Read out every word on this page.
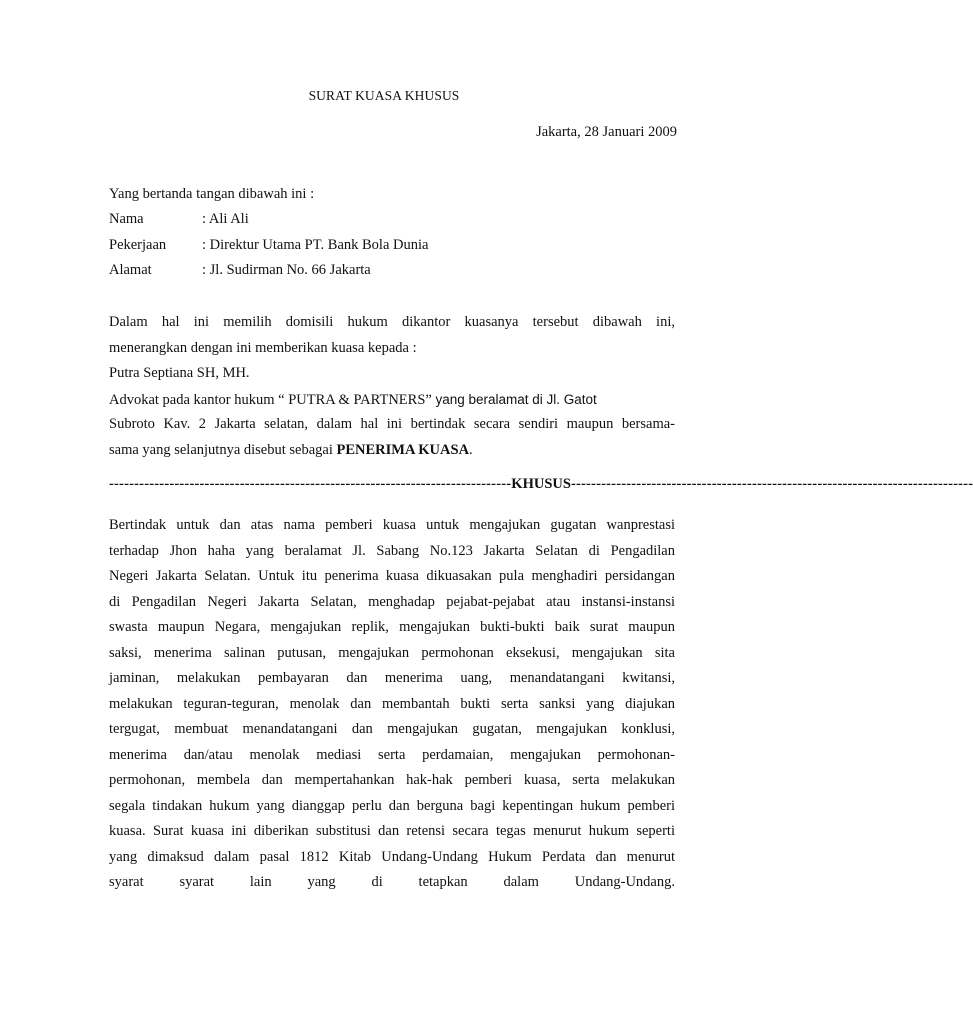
SURAT KUASA KHUSUS
Jakarta, 28 Januari 2009
Yang bertanda tangan dibawah ini :
Nama	: Ali Ali
Pekerjaan : Direktur Utama PT. Bank Bola Dunia
Alamat	: Jl. Sudirman No. 66 Jakarta
Dalam hal ini memilih domisili hukum dikantor kuasanya tersebut dibawah ini,
menerangkan dengan ini memberikan kuasa kepada :
Putra Septiana SH, MH.
Advokat pada kantor hukum “ PUTRA & PARTNERS” yang beralamat di Jl. Gatot
Subroto Kav. 2 Jakarta selatan, dalam hal ini bertindak secara sendiri maupun bersama-
sama yang selanjutnya disebut sebagai PENERIMA KUASA.
-------------------------------------------------------------------------------- KHUSUS --------------------------------------------------------------------------------
Bertindak untuk dan atas nama pemberi kuasa untuk mengajukan gugatan wanprestasi
terhadap Jhon haha yang beralamat Jl. Sabang No.123 Jakarta Selatan di Pengadilan
Negeri Jakarta Selatan. Untuk itu penerima kuasa dikuasakan pula menghadiri persidangan
di Pengadilan Negeri Jakarta Selatan, menghadap pejabat-pejabat atau instansi-instansi
swasta maupun Negara, mengajukan replik, mengajukan bukti-bukti baik surat maupun
saksi, menerima salinan putusan, mengajukan permohonan eksekusi, mengajukan sita
jaminan, melakukan pembayaran dan menerima uang, menandatangani kwitansi,
melakukan teguran-teguran, menolak dan membantah bukti serta sanksi yang diajukan
tergugat, membuat menandatangani dan mengajukan gugatan, mengajukan konklusi,
menerima dan/atau menolak mediasi serta perdamaian, mengajukan permohonan-
permohonan, membela dan mempertahankan hak-hak pemberi kuasa, serta melakukan
segala tindakan hukum yang dianggap perlu dan berguna bagi kepentingan hukum pemberi
kuasa. Surat kuasa ini diberikan substitusi dan retensi secara tegas menurut hukum seperti
yang dimaksud dalam pasal 1812 Kitab Undang-Undang Hukum Perdata dan menurut
syarat syarat lain yang di tetapkan dalam Undang-Undang.
